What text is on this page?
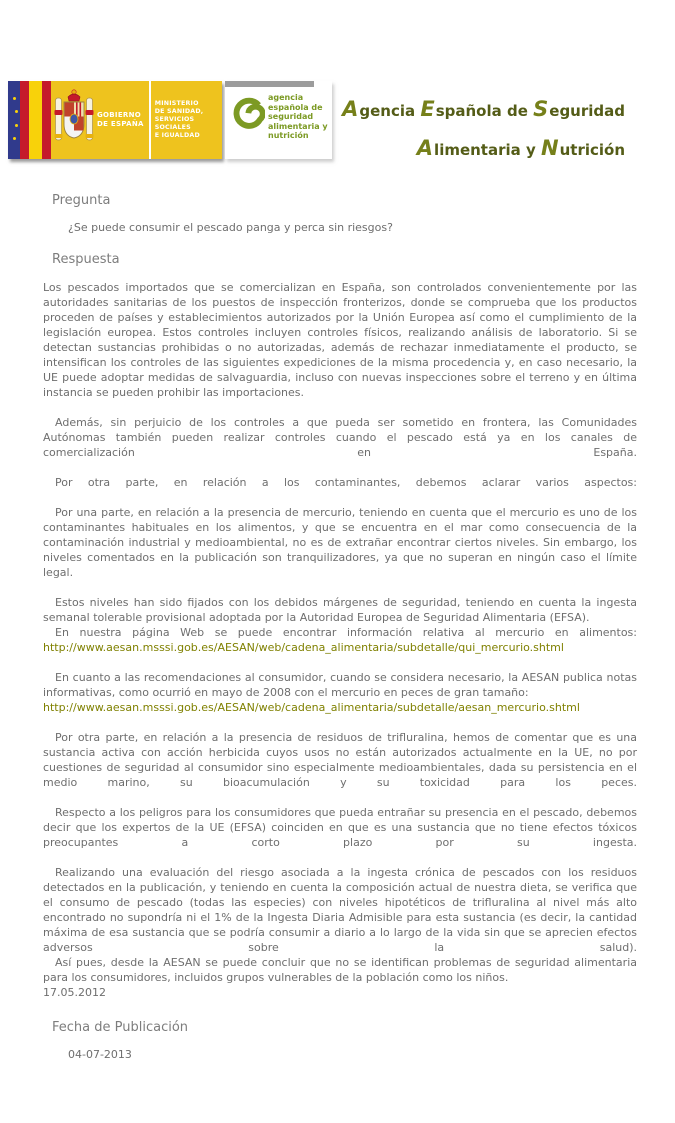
GOBIERNO
DE ESPAÑA
MINISTERIO
DE SANIDAD, SERVICIOS SOCIALES
E IGUALDAD
agencia
española de
seguridad
alimentaria y
nutrición
Agencia Española de Seguridad
Alimentaria y Nutrición
Pregunta

¿Se puede consumir el pescado panga y perca sin riesgos?

Respuesta
Los pescados importados que se comercializan en España, son controlados convenientemente por las autoridades sanitarias de los puestos de inspección fronterizos, donde se comprueba que los productos proceden de países y establecimientos autorizados por la Unión Europea así como el cumplimiento de la legislación europea. Estos controles incluyen controles físicos, realizando análisis de laboratorio. Si se detectan sustancias prohibidas o no autorizadas, además de rechazar inmediatamente el producto, se intensifican los controles de las siguientes expediciones de la misma procedencia y, en caso necesario, la UE puede adoptar medidas de salvaguardia, incluso con nuevas inspecciones sobre el terreno y en última instancia se pueden prohibir las importaciones.
Además, sin perjuicio de los controles a que pueda ser sometido en frontera, las Comunidades Autónomas también pueden realizar controles cuando el pescado está ya en los canales de comercialización en España.
Por otra parte, en relación a los contaminantes, debemos aclarar varios aspectos:
Por una parte, en relación a la presencia de mercurio, teniendo en cuenta que el mercurio es uno de los contaminantes habituales en los alimentos, y que se encuentra en el mar como consecuencia de la contaminación industrial y medioambiental, no es de extrañar encontrar ciertos niveles. Sin embargo, los niveles comentados en la publicación son tranquilizadores, ya que no superan en ningún caso el límite legal.
Estos niveles han sido fijados con los debidos márgenes de seguridad, teniendo en cuenta la ingesta semanal tolerable provisional adoptada por la Autoridad Europea de Seguridad Alimentaria (EFSA).
En nuestra página Web se puede encontrar información relativa al mercurio en alimentos:
http://www.aesan.msssi.gob.es/AESAN/web/cadena_alimentaria/subdetalle/qui_mercurio.shtml
En cuanto a las recomendaciones al consumidor, cuando se considera necesario, la AESAN publica notas informativas, como ocurrió en mayo de 2008 con el mercurio en peces de gran tamaño:
http://www.aesan.msssi.gob.es/AESAN/web/cadena_alimentaria/subdetalle/aesan_mercurio.shtml
Por otra parte, en relación a la presencia de residuos de trifluralina, hemos de comentar que es una sustancia activa con acción herbicida cuyos usos no están autorizados actualmente en la UE, no por cuestiones de seguridad al consumidor sino especialmente medioambientales, dada su persistencia en el medio marino, su bioacumulación y su toxicidad para los peces.
Respecto a los peligros para los consumidores que pueda entrañar su presencia en el pescado, debemos decir que los expertos de la UE (EFSA) coinciden en que es una sustancia que no tiene efectos tóxicos preocupantes a corto plazo por su ingesta.
Realizando una evaluación del riesgo asociada a la ingesta crónica de pescados con los residuos detectados en la publicación, y teniendo en cuenta la composición actual de nuestra dieta, se verifica que el consumo de pescado (todas las especies) con niveles hipotéticos de trifluralina al nivel más alto encontrado no supondría ni el 1% de la Ingesta Diaria Admisible para esta sustancia (es decir, la cantidad máxima de esa sustancia que se podría consumir a diario a lo largo de la vida sin que se aprecien efectos adversos sobre la salud).
Así pues, desde la AESAN se puede concluir que no se identifican problemas de seguridad alimentaria para los consumidores, incluidos grupos vulnerables de la población como los niños.
17.05.2012
Fecha de Publicación

04-07-2013
